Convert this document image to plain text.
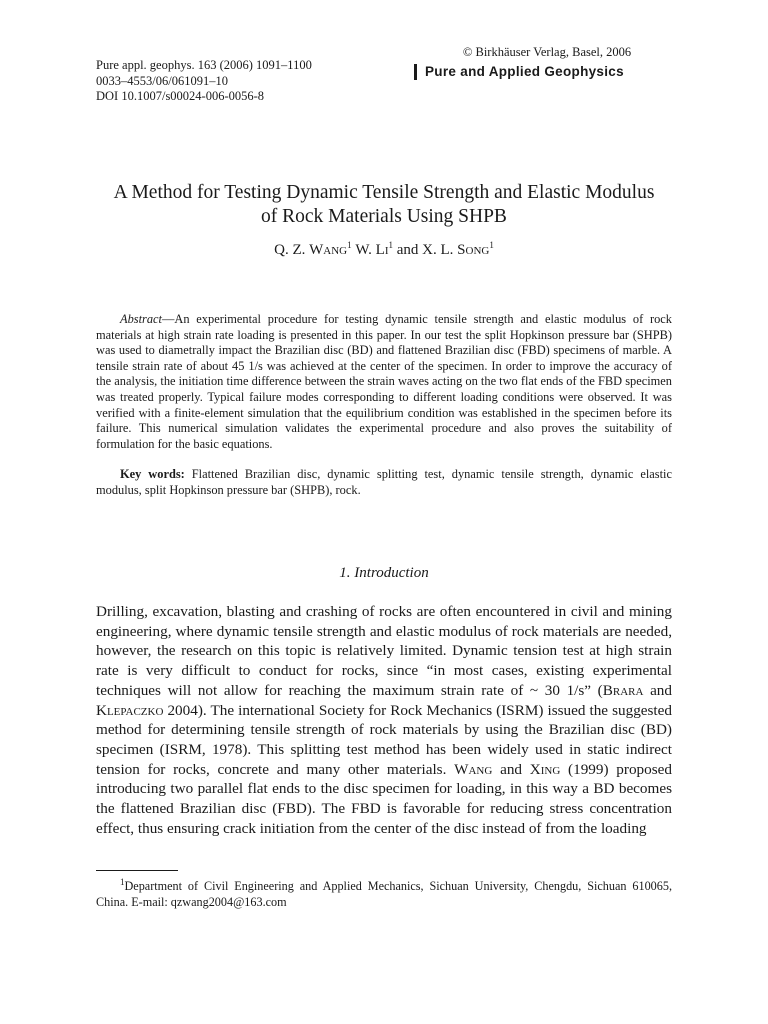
Pure appl. geophys. 163 (2006) 1091–1100
0033–4553/06/061091–10
DOI 10.1007/s00024-006-0056-8
© Birkhäuser Verlag, Basel, 2006
Pure and Applied Geophysics
A Method for Testing Dynamic Tensile Strength and Elastic Modulus
of Rock Materials Using SHPB
Q. Z. Wang$^1$ W. Li$^1$ and X. L. Song$^1$

Abstract—An experimental procedure for testing dynamic tensile strength and elastic modulus of rock materials at high strain rate loading is presented in this paper. In our test the split Hopkinson pressure bar (SHPB) was used to diametrally impact the Brazilian disc (BD) and flattened Brazilian disc (FBD) specimens of marble. A tensile strain rate of about 45 1/s was achieved at the center of the specimen. In order to improve the accuracy of the analysis, the initiation time difference between the strain waves acting on the two flat ends of the FBD specimen was treated properly. Typical failure modes corresponding to different loading conditions were observed. It was verified with a finite-element simulation that the equilibrium condition was established in the specimen before its failure. This numerical simulation validates the experimental procedure and also proves the suitability of formulation for the basic equations.

Key words: Flattened Brazilian disc, dynamic splitting test, dynamic tensile strength, dynamic elastic modulus, split Hopkinson pressure bar (SHPB), rock.

1. Introduction

Drilling, excavation, blasting and crashing of rocks are often encountered in civil and mining engineering, where dynamic tensile strength and elastic modulus of rock materials are needed, however, the research on this topic is relatively limited. Dynamic tension test at high strain rate is very difficult to conduct for rocks, since “in most cases, existing experimental techniques will not allow for reaching the maximum strain rate of ~ 30 1/s” (Brara and Klepaczko 2004). The international Society for Rock Mechanics (ISRM) issued the suggested method for determining tensile strength of rock materials by using the Brazilian disc (BD) specimen (ISRM, 1978). This splitting test method has been widely used in static indirect tension for rocks, concrete and many other materials. Wang and Xing (1999) proposed introducing two parallel flat ends to the disc specimen for loading, in this way a BD becomes the flattened Brazilian disc (FBD). The FBD is favorable for reducing stress concentration effect, thus ensuring crack initiation from the center of the disc instead of from the loading

$^1$Department of Civil Engineering and Applied Mechanics, Sichuan University, Chengdu, Sichuan 610065, China. E-mail: qzwang2004@163.com
